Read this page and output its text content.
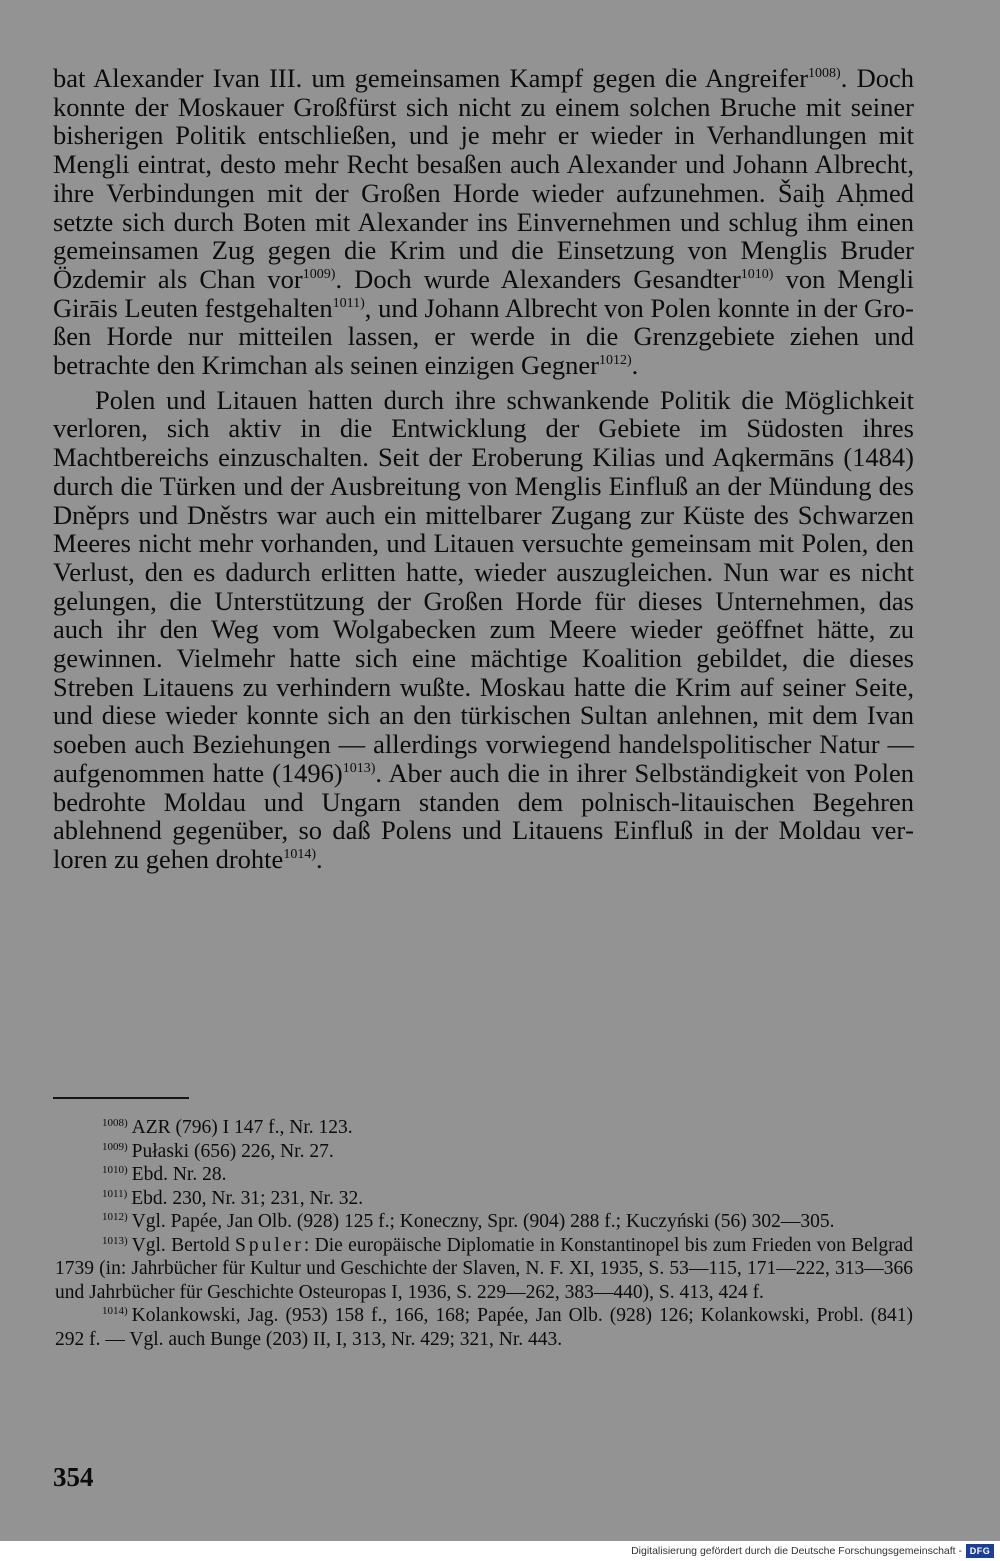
bat Alexander Ivan III. um gemeinsamen Kampf gegen die Angreifer$^{1008)}$. Doch konnte der Moskauer Großfürst sich nicht zu einem solchen Bruche mit seiner bisherigen Politik entschließen, und je mehr er wieder in Verhandlungen mit Mengli eintrat, desto mehr Recht besaßen auch Alexander und Johann Albrecht, ihre Verbindungen mit der Großen Horde wieder aufzunehmen. Šaiḫ Aḥmed setzte sich durch Boten mit Alexander ins Einvernehmen und schlug ihm einen gemeinsamen Zug gegen die Krim und die Einsetzung von Menglis Bruder Özdemir als Chan vor$^{1009)}$. Doch wurde Alexanders Gesandter$^{1010)}$ von Mengli Girāis Leuten festgehalten$^{1011)}$, und Johann Albrecht von Polen konnte in der Großen Horde nur mitteilen lassen, er werde in die Grenzgebiete ziehen und betrachte den Krimchan als seinen einzigen Gegner$^{1012)}$.

Polen und Litauen hatten durch ihre schwankende Politik die Möglichkeit verloren, sich aktiv in die Entwicklung der Gebiete im Südosten ihres Machtbereichs einzuschalten. Seit der Eroberung Kilias und Aqkermāns (1484) durch die Türken und der Ausbreitung von Menglis Einfluß an der Mündung des Dněprs und Dněstrs war auch ein mittelbarer Zugang zur Küste des Schwarzen Meeres nicht mehr vorhanden, und Litauen versuchte gemeinsam mit Polen, den Verlust, den es dadurch erlitten hatte, wieder auszugleichen. Nun war es nicht gelungen, die Unterstützung der Großen Horde für dieses Unternehmen, das auch ihr den Weg vom Wolgabecken zum Meere wieder geöffnet hätte, zu gewinnen. Vielmehr hatte sich eine mächtige Koalition gebildet, die dieses Streben Litauens zu verhindern wußte. Moskau hatte die Krim auf seiner Seite, und diese wieder konnte sich an den türkischen Sultan anlehnen, mit dem Ivan soeben auch Beziehungen — allerdings vorwiegend handelspolitischer Natur — aufgenommen hatte (1496)$^{1013)}$. Aber auch die in ihrer Selbständigkeit von Polen bedrohte Moldau und Ungarn standen dem polnisch-litauischen Begehren ablehnend gegenüber, so daß Polens und Litauens Einfluß in der Moldau verloren zu gehen drohte$^{1014)}$.

$^{1008)}$ AZR (796) I 147 f., Nr. 123.

$^{1009)}$ Pułaski (656) 226, Nr. 27.

$^{1010)}$ Ebd. Nr. 28.

$^{1011)}$ Ebd. 230, Nr. 31; 231, Nr. 32.

$^{1012)}$ Vgl. Papée, Jan Olb. (928) 125 f.; Koneczny, Spr. (904) 288 f.; Kuczyński (56) 302—305.

$^{1013)}$ Vgl. Bertold Spuler: Die europäische Diplomatie in Konstantinopel bis zum Frieden von Belgrad 1739 (in: Jahrbücher für Kultur und Geschichte der Slaven, N. F. XI, 1935, S. 53—115, 171—222, 313—366 und Jahrbücher für Geschichte Osteuropas I, 1936, S. 229—262, 383—440), S. 413, 424 f.

$^{1014)}$ Kolankowski, Jag. (953) 158 f., 166, 168; Papée, Jan Olb. (928) 126; Kolankowski, Probl. (841) 292 f. — Vgl. auch Bunge (203) II, I, 313, Nr. 429; 321, Nr. 443.

354
Digitalisierung gefördert durch die Deutsche Forschungsgemeinschaft - DFG
